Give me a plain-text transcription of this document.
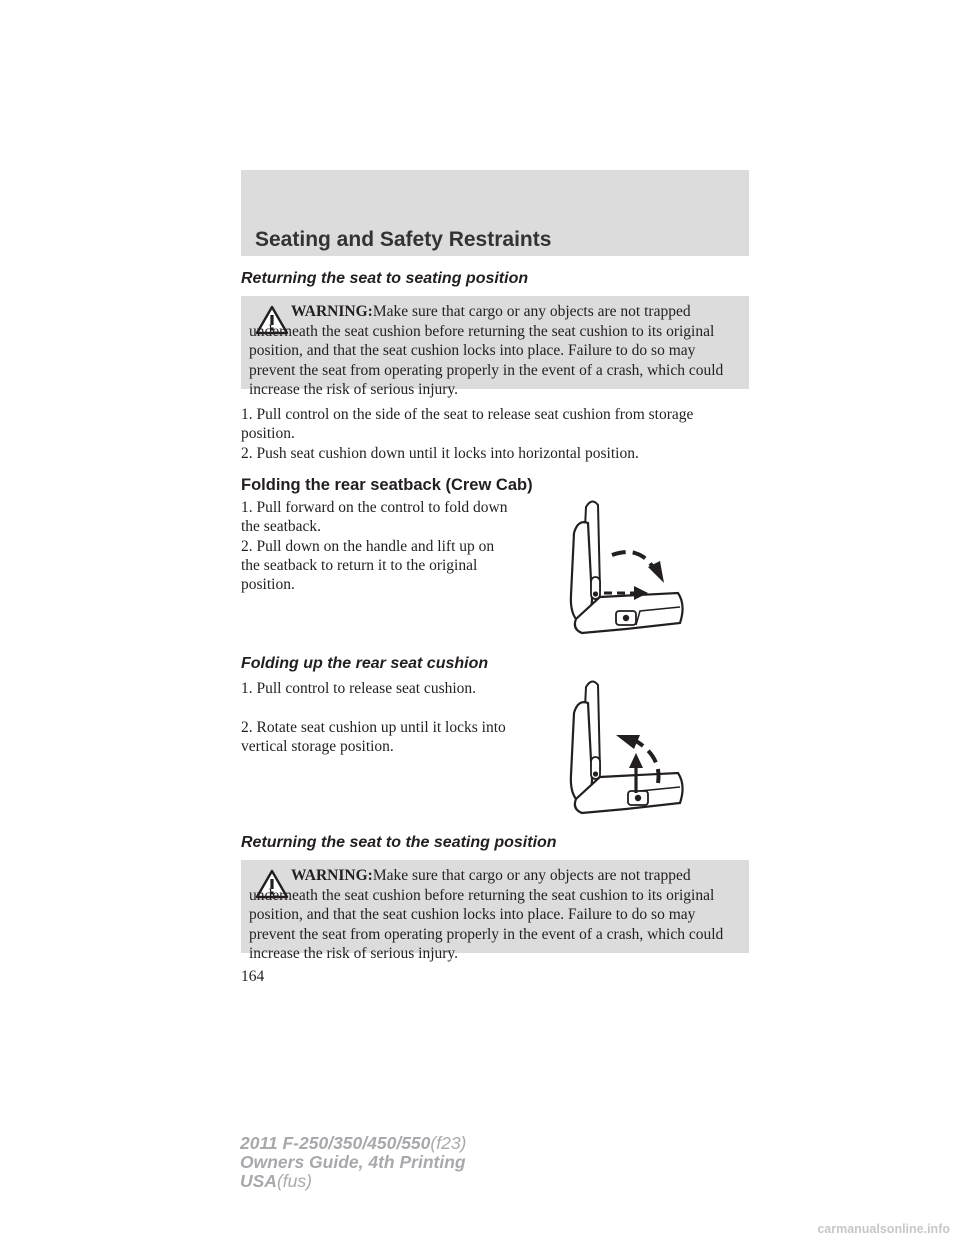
Seating and Safety Restraints
Returning the seat to seating position

WARNING:Make sure that cargo or any objects are not trapped underneath the seat cushion before returning the seat cushion to its original position, and that the seat cushion locks into place. Failure to do so may prevent the seat from operating properly in the event of a crash, which could increase the risk of serious injury.

1. Pull control on the side of the seat to release seat cushion from storage position.

2. Push seat cushion down until it locks into horizontal position.

Folding the rear seatback (Crew Cab)

1. Pull forward on the control to fold down the seatback.

2. Pull down on the handle and lift up on the seatback to return it to the original position.

Folding up the rear seat cushion

1. Pull control to release seat cushion.

2. Rotate seat cushion up until it locks into vertical storage position.

Returning the seat to the seating position

WARNING:Make sure that cargo or any objects are not trapped underneath the seat cushion before returning the seat cushion to its original position, and that the seat cushion locks into place. Failure to do so may prevent the seat from operating properly in the event of a crash, which could increase the risk of serious injury.

164

2011 F-250/350/450/550(f23)
Owners Guide, 4th Printing
USA(fus)
carmanualsonline.info
